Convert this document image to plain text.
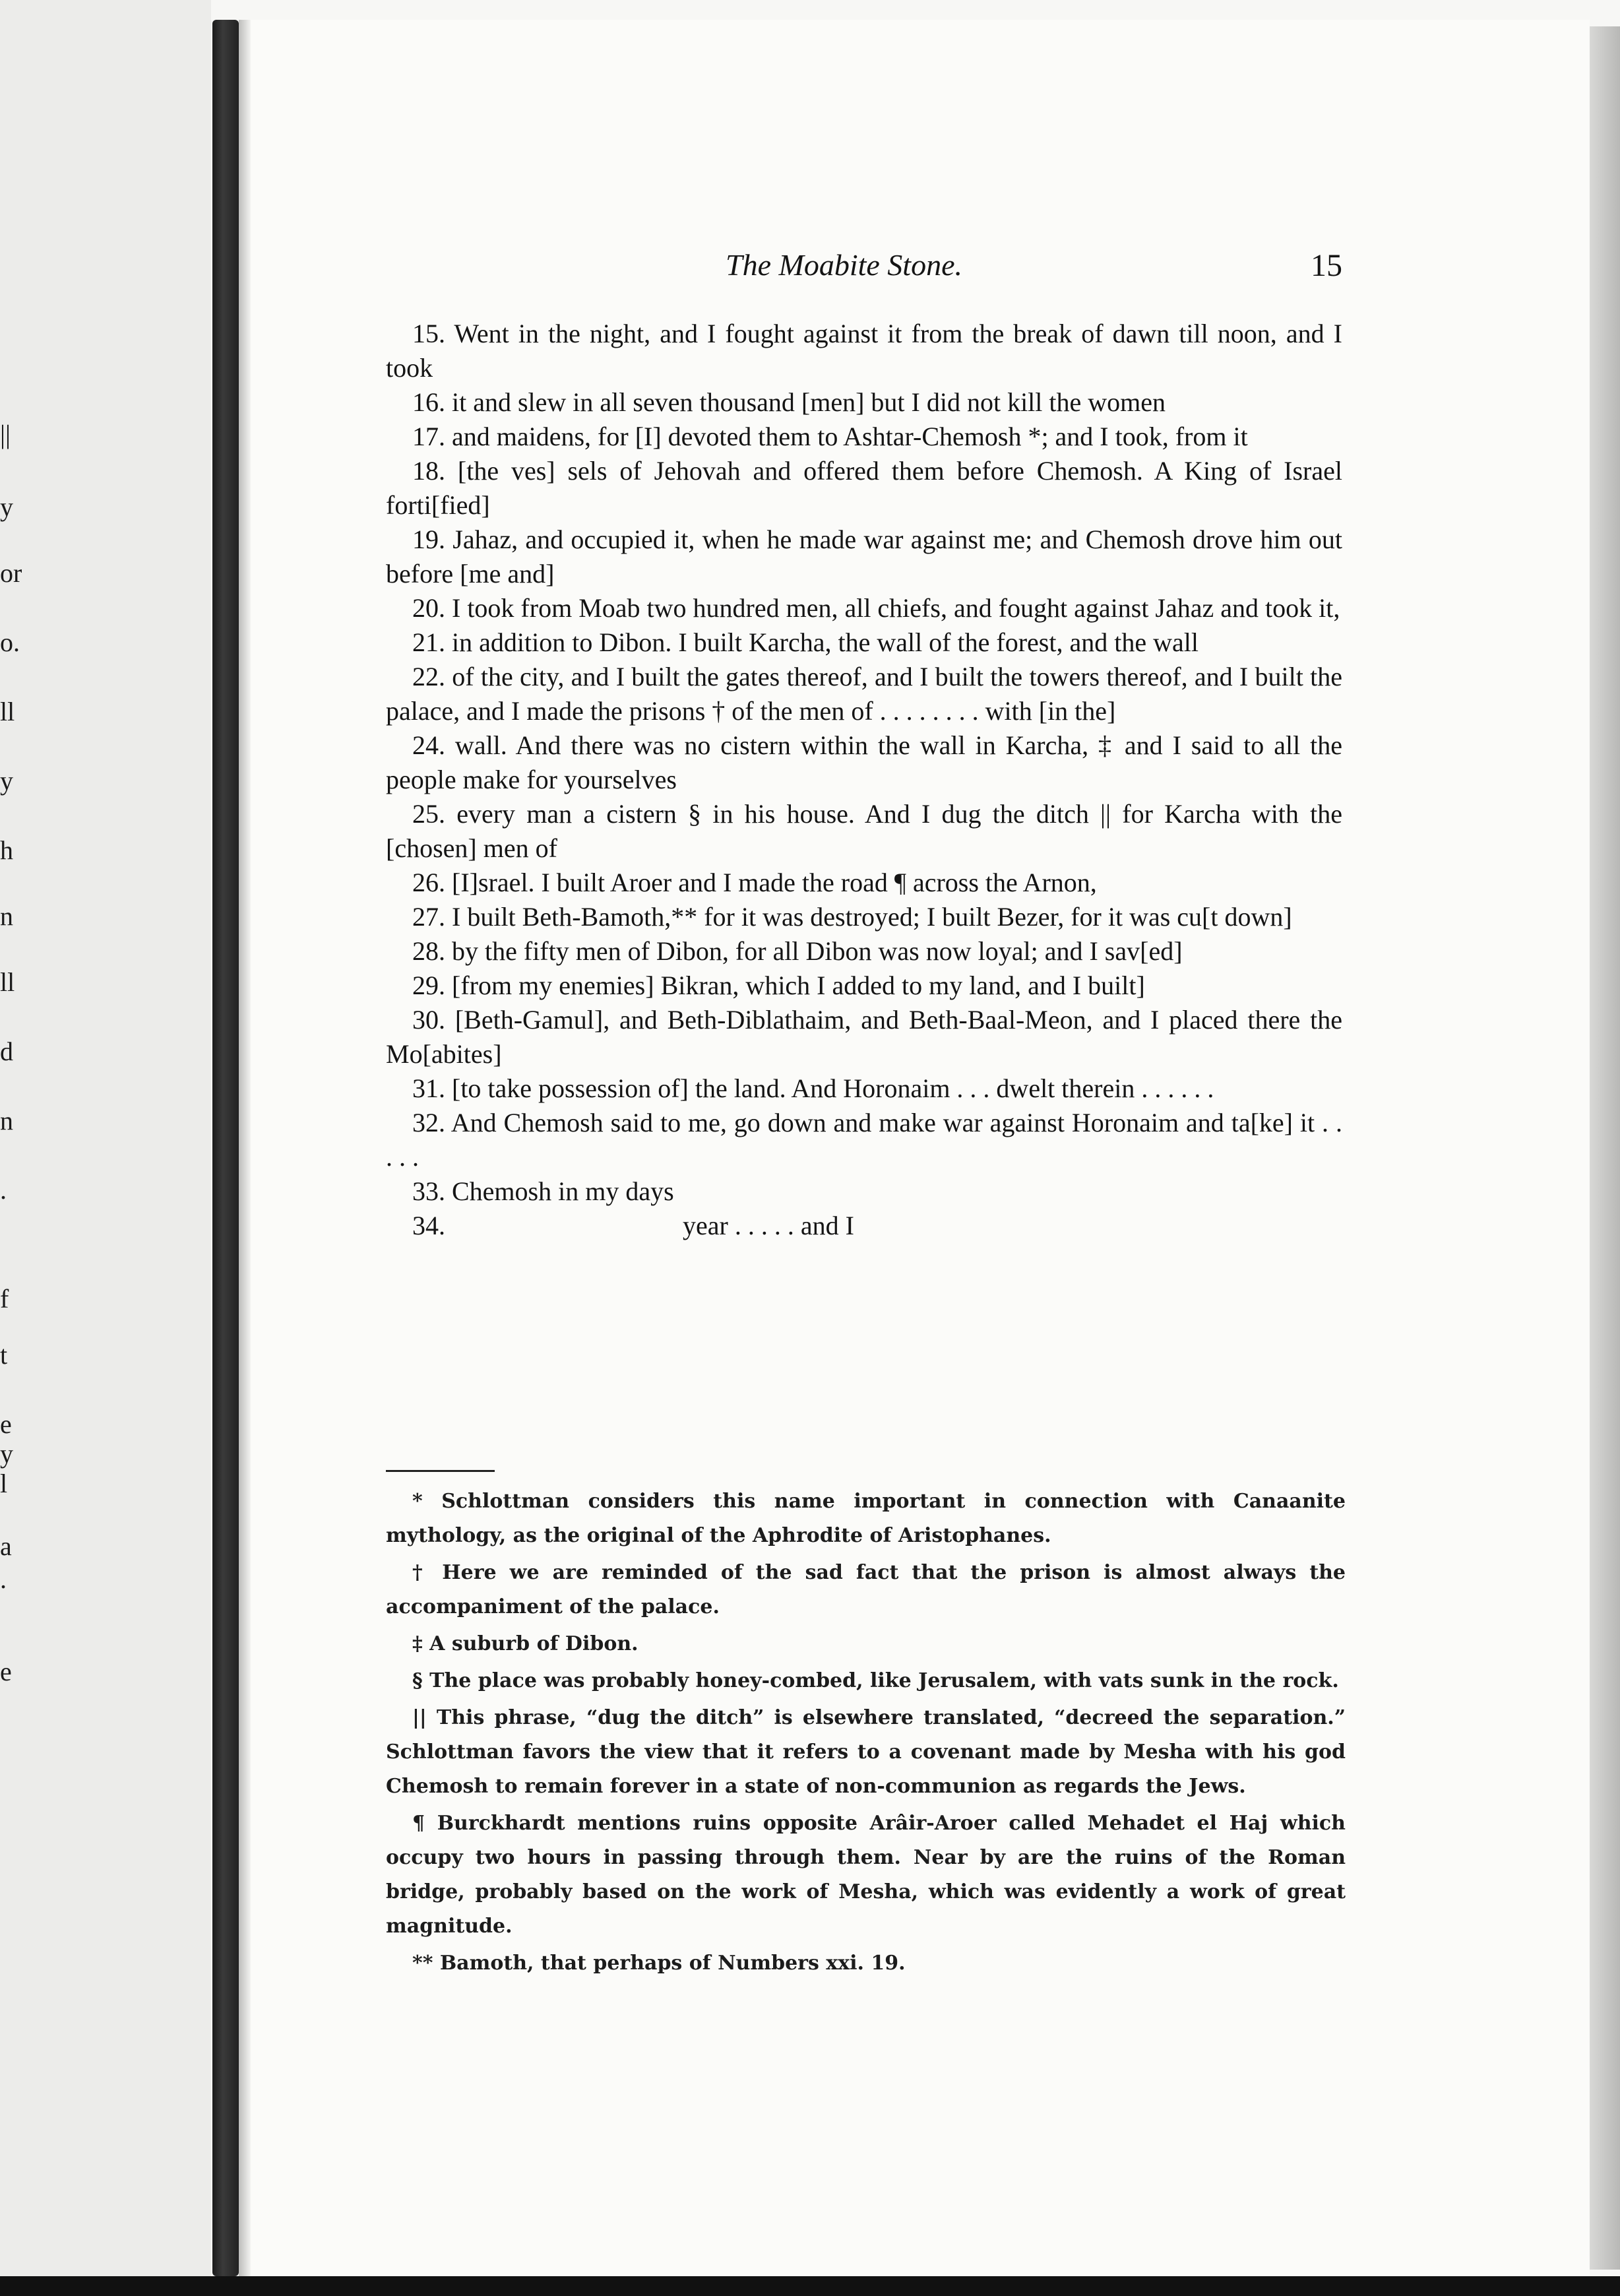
||
y
or
o.
ll
y
h
n
ll
d
n
.
f
t
e
y
l
a
.
e
The Moabite Stone.	15

15. Went in the night, and I fought against it from the break of dawn till noon, and I took

16. it and slew in all seven thousand [men] but I did not kill the women

17. and maidens, for [I] devoted them to Ashtar-Chemosh *; and I took, from it

18. [the ves] sels of Jehovah and offered them before Chemosh. A King of Israel forti[fied]

19. Jahaz, and occupied it, when he made war against me; and Chemosh drove him out before [me and]

20. I took from Moab two hundred men, all chiefs, and fought against Jahaz and took it,

21. in addition to Dibon. I built Karcha, the wall of the forest, and the wall

22. of the city, and I built the gates thereof, and I built the towers thereof, and I built the palace, and I made the prisons † of the men of . . . . . . . . with [in the]

24. wall. And there was no cistern within the wall in Karcha, ‡ and I said to all the people make for yourselves

25. every man a cistern § in his house. And I dug the ditch || for Karcha with the [chosen] men of

26. [I]srael. I built Aroer and I made the road ¶ across the Arnon,

27. I built Beth-Bamoth,** for it was destroyed; I built Bezer, for it was cu[t down]

28. by the fifty men of Dibon, for all Dibon was now loyal; and I sav[ed]

29. [from my enemies] Bikran, which I added to my land, and I built]

30. [Beth-Gamul], and Beth-Diblathaim, and Beth-Baal-Meon, and I placed there the Mo[abites]

31. [to take possession of] the land. And Horonaim . . . dwelt therein . . . . . .

32. And Chemosh said to me, go down and make war against Horonaim and ta[ke] it . . . . .

33. Chemosh in my days

34.	year . . . . . and I

* Schlottman considers this name important in connection with Canaanite mythology, as the original of the Aphrodite of Aristophanes.

† Here we are reminded of the sad fact that the prison is almost always the accompaniment of the palace.

‡ A suburb of Dibon.

§ The place was probably honey-combed, like Jerusalem, with vats sunk in the rock.

|| This phrase, “dug the ditch” is elsewhere translated, “decreed the separation.” Schlottman favors the view that it refers to a covenant made by Mesha with his god Chemosh to remain forever in a state of non-communion as regards the Jews.

¶ Burckhardt mentions ruins opposite Arâir-Aroer called Mehadet el Haj which occupy two hours in passing through them. Near by are the ruins of the Roman bridge, probably based on the work of Mesha, which was evidently a work of great magnitude.

** Bamoth, that perhaps of Numbers xxi. 19.
